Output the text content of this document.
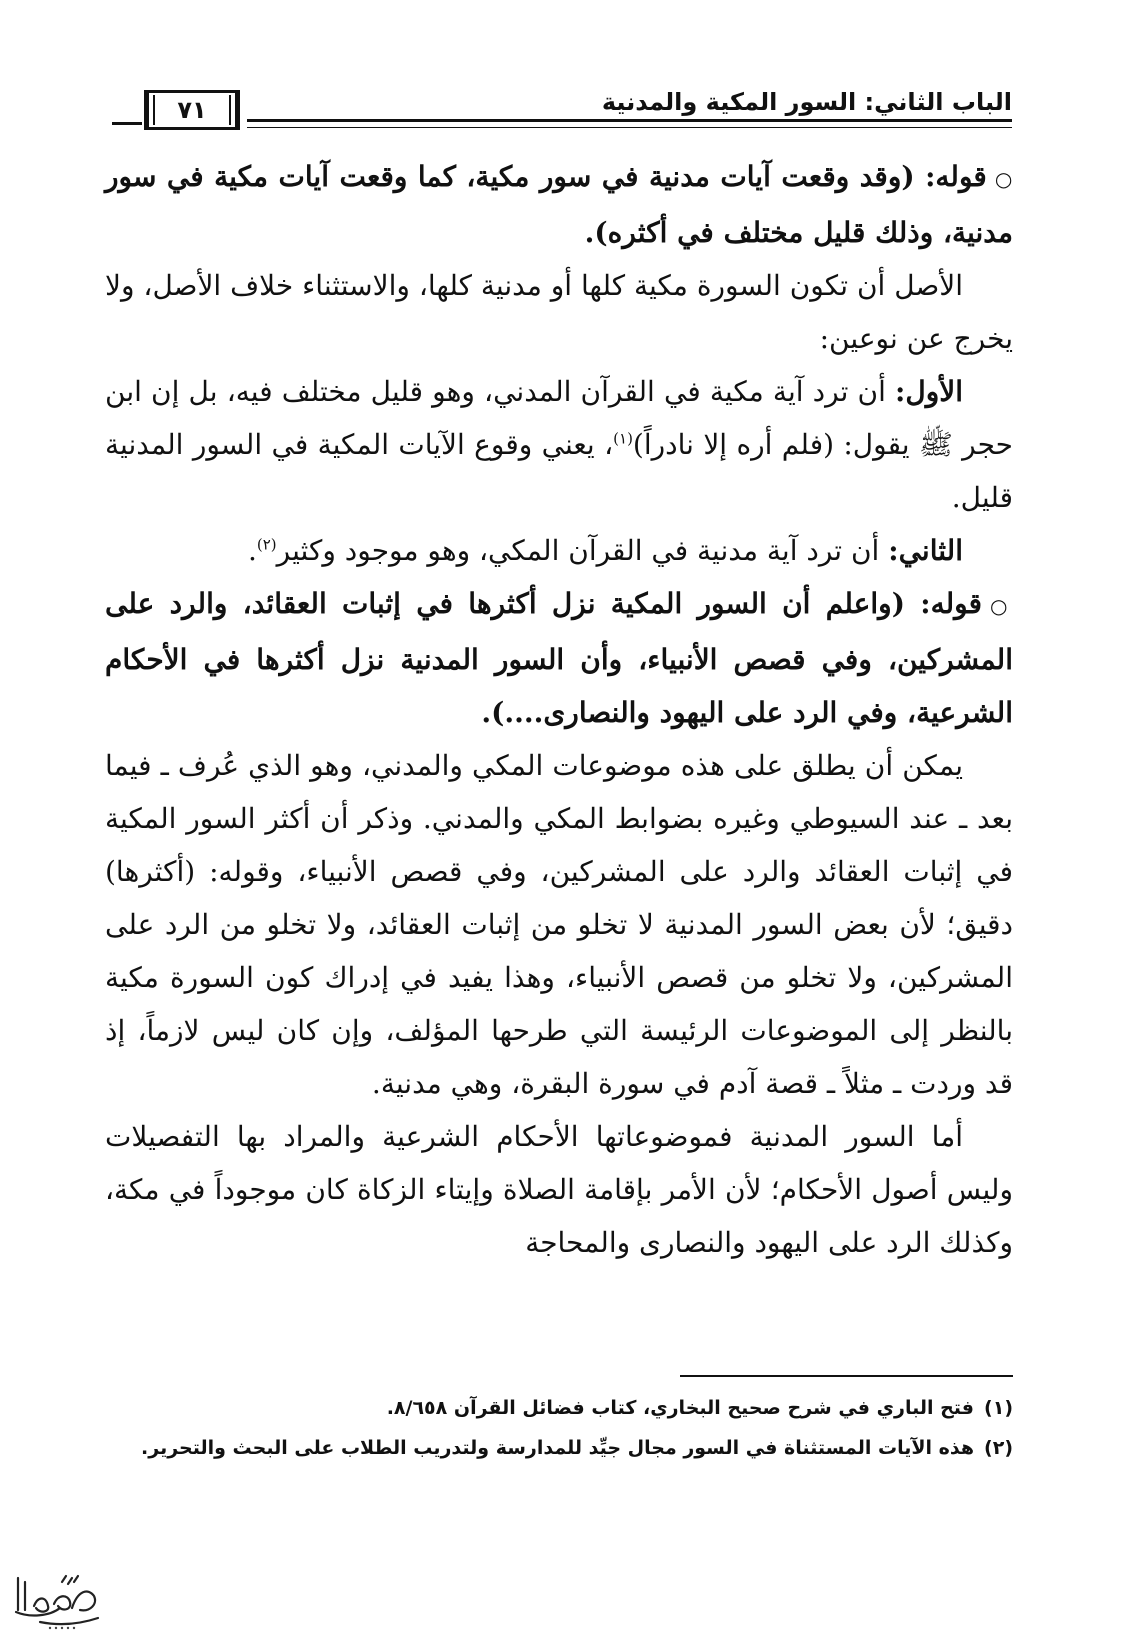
الباب الثاني: السور المكية والمدنية
٧١

○قوله: (وقد وقعت آيات مدنية في سور مكية، كما وقعت آيات مكية في سور مدنية، وذلك قليل مختلف في أكثره).

الأصل أن تكون السورة مكية كلها أو مدنية كلها، والاستثناء خلاف الأصل، ولا يخرج عن نوعين:

الأول: أن ترد آية مكية في القرآن المدني، وهو قليل مختلف فيه، بل إن ابن حجر ﷺ يقول: (فلم أره إلا نادراً)$^{(١)}$، يعني وقوع الآيات المكية في السور المدنية قليل.

الثاني: أن ترد آية مدنية في القرآن المكي، وهو موجود وكثير$^{(٢)}$.

○قوله: (واعلم أن السور المكية نزل أكثرها في إثبات العقائد، والرد على المشركين، وفي قصص الأنبياء، وأن السور المدنية نزل أكثرها في الأحكام الشرعية، وفي الرد على اليهود والنصارى....).

يمكن أن يطلق على هذه موضوعات المكي والمدني، وهو الذي عُرف ـ فيما بعد ـ عند السيوطي وغيره بضوابط المكي والمدني. وذكر أن أكثر السور المكية في إثبات العقائد والرد على المشركين، وفي قصص الأنبياء، وقوله: (أكثرها) دقيق؛ لأن بعض السور المدنية لا تخلو من إثبات العقائد، ولا تخلو من الرد على المشركين، ولا تخلو من قصص الأنبياء، وهذا يفيد في إدراك كون السورة مكية بالنظر إلى الموضوعات الرئيسة التي طرحها المؤلف، وإن كان ليس لازماً، إذ قد وردت ـ مثلاً ـ قصة آدم في سورة البقرة، وهي مدنية.

أما السور المدنية فموضوعاتها الأحكام الشرعية والمراد بها التفصيلات وليس أصول الأحكام؛ لأن الأمر بإقامة الصلاة وإيتاء الزكاة كان موجوداً في مكة، وكذلك الرد على اليهود والنصارى والمحاجة

(١)فتح الباري في شرح صحيح البخاري، كتاب فضائل القرآن ٨/٦٥٨.

(٢)هذه الآيات المستثناة في السور مجال جيِّد للمدارسة ولتدريب الطلاب على البحث والتحرير.
